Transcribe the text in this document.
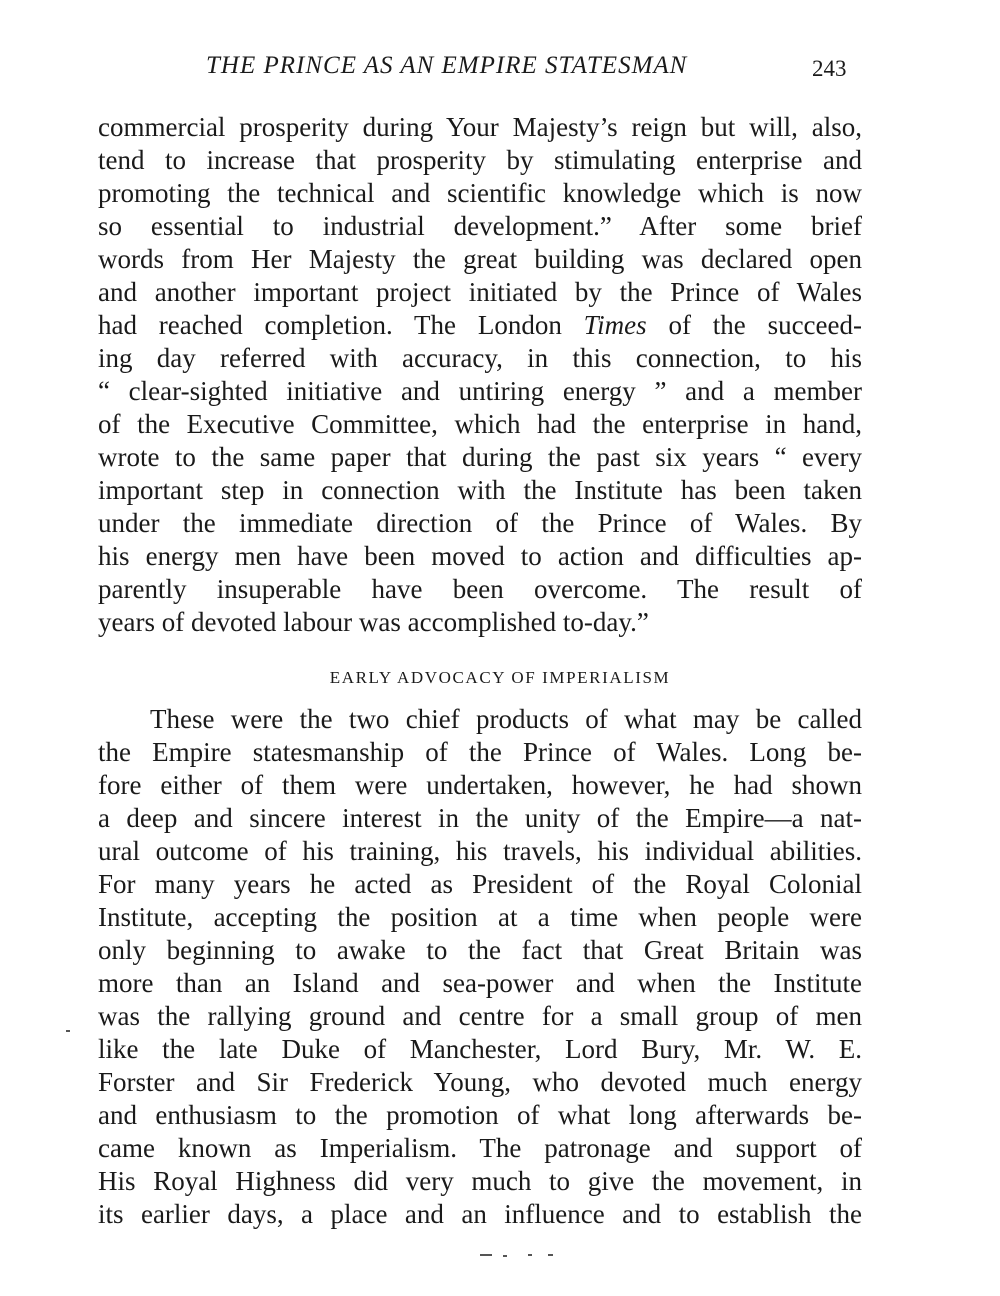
THE PRINCE AS AN EMPIRE STATESMAN	243
commercial prosperity during Your Majesty’s reign but will, also,
tend to increase that prosperity by stimulating enterprise and
promoting the technical and scientific knowledge which is now
so essential to industrial development.” After some brief
words from Her Majesty the great building was declared open
and another important project initiated by the Prince of Wales
had reached completion. The London Times of the succeed-
ing day referred with accuracy, in this connection, to his
“ clear-sighted initiative and untiring energy ” and a member
of the Executive Committee, which had the enterprise in hand,
wrote to the same paper that during the past six years “ every
important step in connection with the Institute has been taken
under the immediate direction of the Prince of Wales. By
his energy men have been moved to action and difficulties ap-
parently insuperable have been overcome. The result of
years of devoted labour was accomplished to-day.”
EARLY ADVOCACY OF IMPERIALISM
These were the two chief products of what may be called
the Empire statesmanship of the Prince of Wales. Long be-
fore either of them were undertaken, however, he had shown
a deep and sincere interest in the unity of the Empire—a nat-
ural outcome of his training, his travels, his individual abilities.
For many years he acted as President of the Royal Colonial
Institute, accepting the position at a time when people were
only beginning to awake to the fact that Great Britain was
more than an Island and sea-power and when the Institute
was the rallying ground and centre for a small group of men
like the late Duke of Manchester, Lord Bury, Mr. W. E.
Forster and Sir Frederick Young, who devoted much energy
and enthusiasm to the promotion of what long afterwards be-
came known as Imperialism. The patronage and support of
His Royal Highness did very much to give the movement, in
its earlier days, a place and an influence and to establish the
